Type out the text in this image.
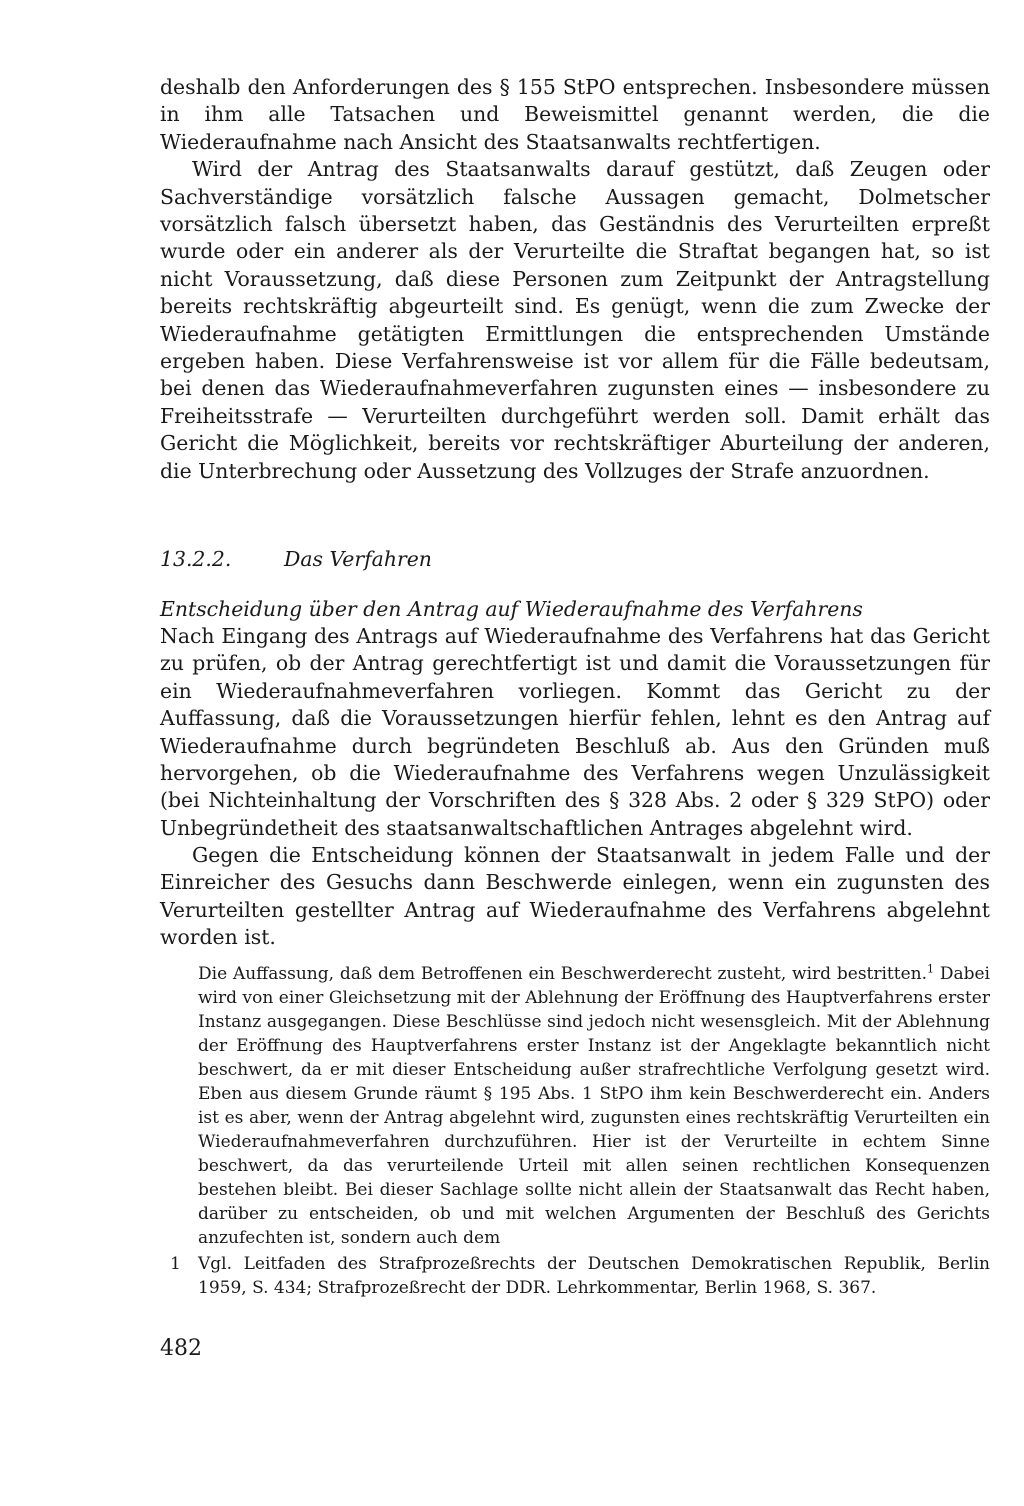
deshalb den Anforderungen des § 155 StPO entsprechen. Insbesondere müssen in ihm alle Tatsachen und Beweismittel genannt werden, die die Wiederaufnahme nach Ansicht des Staatsanwalts rechtfertigen.

Wird der Antrag des Staatsanwalts darauf gestützt, daß Zeugen oder Sachverständige vorsätzlich falsche Aussagen gemacht, Dolmetscher vorsätzlich falsch übersetzt haben, das Geständnis des Verurteilten erpreßt wurde oder ein anderer als der Verurteilte die Straftat begangen hat, so ist nicht Voraussetzung, daß diese Personen zum Zeitpunkt der Antragstellung bereits rechtskräftig abgeurteilt sind. Es genügt, wenn die zum Zwecke der Wiederaufnahme getätigten Ermittlungen die entsprechenden Umstände ergeben haben. Diese Verfahrensweise ist vor allem für die Fälle bedeutsam, bei denen das Wiederaufnahmeverfahren zugunsten eines — insbesondere zu Freiheitsstrafe — Verurteilten durchgeführt werden soll. Damit erhält das Gericht die Möglichkeit, bereits vor rechtskräftiger Aburteilung der anderen, die Unterbrechung oder Aussetzung des Vollzuges der Strafe anzuordnen.

13.2.2.	Das Verfahren

Entscheidung über den Antrag auf Wiederaufnahme des Verfahrens

Nach Eingang des Antrags auf Wiederaufnahme des Verfahrens hat das Gericht zu prüfen, ob der Antrag gerechtfertigt ist und damit die Voraussetzungen für ein Wiederaufnahmeverfahren vorliegen. Kommt das Gericht zu der Auffassung, daß die Voraussetzungen hierfür fehlen, lehnt es den Antrag auf Wiederaufnahme durch begründeten Beschluß ab. Aus den Gründen muß hervorgehen, ob die Wiederaufnahme des Verfahrens wegen Unzulässigkeit (bei Nichteinhaltung der Vorschriften des § 328 Abs. 2 oder § 329 StPO) oder Unbegründetheit des staatsanwaltschaftlichen Antrages abgelehnt wird.

Gegen die Entscheidung können der Staatsanwalt in jedem Falle und der Einreicher des Gesuchs dann Beschwerde einlegen, wenn ein zugunsten des Verurteilten gestellter Antrag auf Wiederaufnahme des Verfahrens abgelehnt worden ist.

Die Auffassung, daß dem Betroffenen ein Beschwerderecht zusteht, wird bestritten.$^1$ Dabei wird von einer Gleichsetzung mit der Ablehnung der Eröffnung des Hauptverfahrens erster Instanz ausgegangen. Diese Beschlüsse sind jedoch nicht wesensgleich. Mit der Ablehnung der Eröffnung des Hauptverfahrens erster Instanz ist der Angeklagte bekanntlich nicht beschwert, da er mit dieser Entscheidung außer strafrechtliche Verfolgung gesetzt wird. Eben aus diesem Grunde räumt § 195 Abs. 1 StPO ihm kein Beschwerderecht ein. Anders ist es aber, wenn der Antrag abgelehnt wird, zugunsten eines rechtskräftig Verurteilten ein Wiederaufnahmeverfahren durchzuführen. Hier ist der Verurteilte in echtem Sinne beschwert, da das verurteilende Urteil mit allen seinen rechtlichen Konsequenzen bestehen bleibt. Bei dieser Sachlage sollte nicht allein der Staatsanwalt das Recht haben, darüber zu entscheiden, ob und mit welchen Argumenten der Beschluß des Gerichts anzufechten ist, sondern auch dem

1	Vgl. Leitfaden des Strafprozeßrechts der Deutschen Demokratischen Republik, Berlin 1959, S. 434; Strafprozeßrecht der DDR. Lehrkommentar, Berlin 1968, S. 367.

482
